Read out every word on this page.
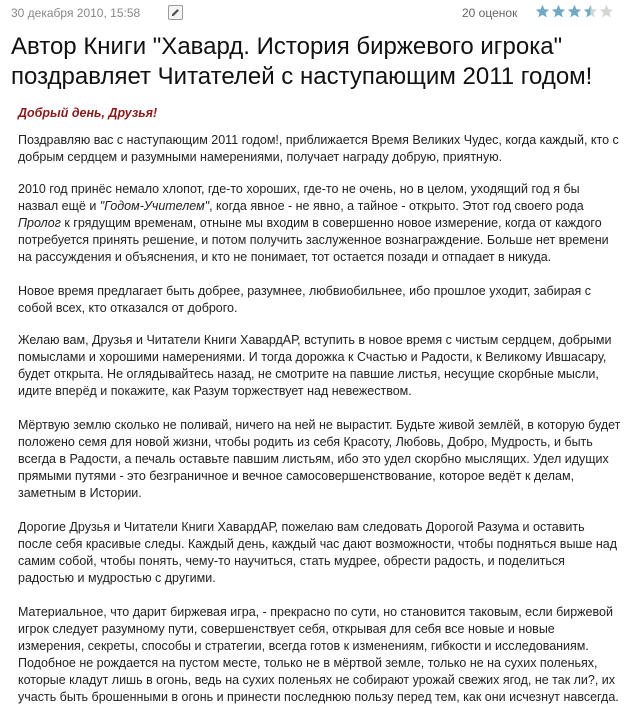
30 декабря 2010, 15:58	20 оценок
Автор Книги "Хавард. История биржевого игрока" поздравляет Читателей с наступающим 2011 годом!

Добрый день, Друзья!

Поздравляю вас с наступающим 2011 годом!, приближается Время Великих Чудес, когда каждый, кто с добрым сердцем и разумными намерениями, получает награду добрую, приятную.

2010 год принёс немало хлопот, где-то хороших, где-то не очень, но в целом, уходящий год я бы назвал ещё и "Годом-Учителем", когда явное - не явно, а тайное - открыто. Этот год своего рода Пролог к грядущим временам, отныне мы входим в совершенно новое измерение, когда от каждого потребуется принять решение, и потом получить заслуженное вознаграждение. Больше нет времени на рассуждения и объяснения, и кто не понимает, тот остается позади и отпадает в никуда.

Новое время предлагает быть добрее, разумнее, любвиобильнее, ибо прошлое уходит, забирая с собой всех, кто отказался от доброго.

Желаю вам, Друзья и Читатели Книги ХавардАР, вступить в новое время с чистым сердцем, добрыми помыслами и хорошими намерениями. И тогда дорожка к Счастью и Радости, к Великому Ившасару, будет открыта. Не оглядывайтесь назад, не смотрите на павшие листья, несущие скорбные мысли, идите вперёд и покажите, как Разум торжествует над невежеством.

Мёртвую землю сколько не поливай, ничего на ней не вырастит. Будьте живой землёй, в которую будет положено семя для новой жизни, чтобы родить из себя Красоту, Любовь, Добро, Мудрость, и быть всегда в Радости, а печаль оставьте павшим листьям, ибо это удел скорбно мыслящих. Удел идущих прямыми путями - это безграничное и вечное самосовершенствование, которое ведёт к делам, заметным в Истории.

Дорогие Друзья и Читатели Книги ХавардАР, пожелаю вам следовать Дорогой Разума и оставить после себя красивые следы. Каждый день, каждый час дают возможности, чтобы подняться выше над самим собой, чтобы понять, чему-то научиться, стать мудрее, обрести радость, и поделиться радостью и мудростью с другими.

Материальное, что дарит биржевая игра, - прекрасно по сути, но становится таковым, если биржевой игрок следует разумному пути, совершенствует себя, открывая для себя все новые и новые измерения, секреты, способы и стратегии, всегда готов к изменениям, гибкости и исследованиям. Подобное не рождается на пустом месте, только не в мёртвой земле, только не на сухих поленьях, которые кладут лишь в огонь, ведь на сухих поленьях не собирают урожай свежих ягод, не так ли?, их участь быть брошенными в огонь и принести последнюю пользу перед тем, как они исчезнут навсегда.
